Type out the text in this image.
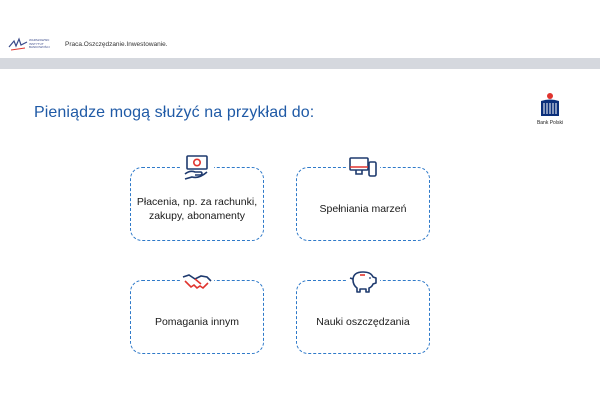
WARSZAWSKI
INSTYTUT
BANKOWOŚCI Praca.Oszczędzanie.Inwestowanie.
Pieniądze mogą służyć na przykład do:
Bank Polski
Płacenia, np. za rachunki,
zakupy, abonamenty
Spełniania marzeń
Pomagania innym	Nauki oszczędzania
